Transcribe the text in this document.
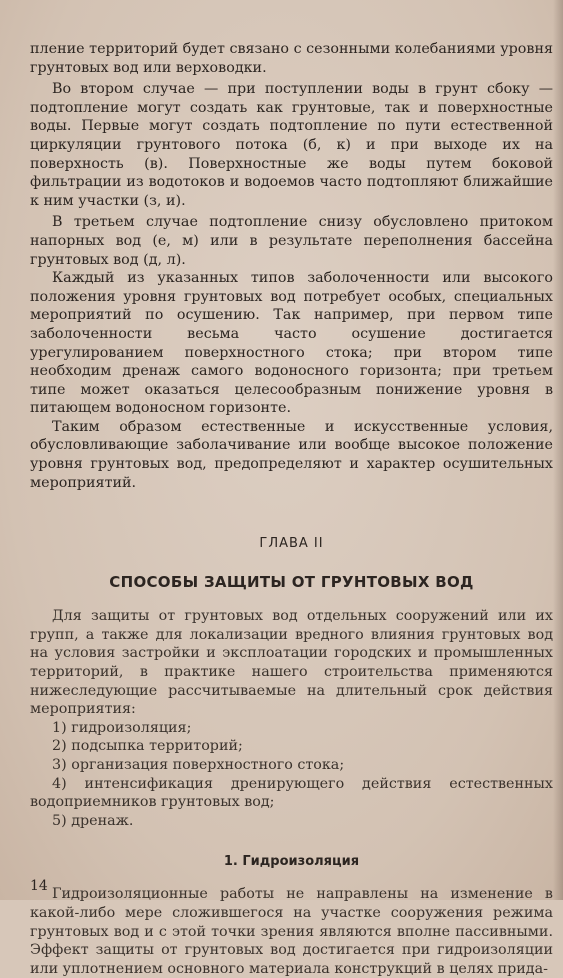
пление территорий будет связано с сезонными колебаниями уровня грунтовых вод или верховодки.

Во втором случае — при поступлении воды в грунт сбоку — подтопление могут создать как грунтовые, так и поверхностные воды. Первые могут создать подтопление по пути естественной циркуляции грунтового потока (б, к) и при выходе их на поверхность (в). Поверхностные же воды путем боковой фильтрации из водотоков и водоемов часто подтопляют ближайшие к ним участки (з, и).

В третьем случае подтопление снизу обусловлено притоком напорных вод (е, м) или в результате переполнения бассейна грунтовых вод (д, л).

Каждый из указанных типов заболоченности или высокого положения уровня грунтовых вод потребует особых, специальных мероприятий по осушению. Так например, при первом типе заболоченности весьма часто осушение достигается урегулированием поверхностного стока; при втором типе необходим дренаж самого водоносного горизонта; при третьем типе может оказаться целесообразным понижение уровня в питающем водоносном горизонте.

Таким образом естественные и искусственные условия, обусловливающие заболачивание или вообще высокое положение уровня грунтовых вод, предопределяют и характер осушительных мероприятий.

ГЛАВА II
СПОСОБЫ ЗАЩИТЫ ОТ ГРУНТОВЫХ ВОД

Для защиты от грунтовых вод отдельных сооружений или их групп, а также для локализации вредного влияния грунтовых вод на условия застройки и эксплоатации городских и промышленных территорий, в практике нашего строительства применяются нижеследующие рассчитываемые на длительный срок действия мероприятия:

1) гидроизоляция;
2) подсыпка территорий;
3) организация поверхностного стока;
4) интенсификация дренирующего действия естественных водоприемников грунтовых вод;
5) дренаж.
1. Гидроизоляция

Гидроизоляционные работы не направлены на изменение в какой-либо мере сложившегося на участке сооружения режима грунтовых вод и с этой точки зрения являются вполне пассивными. Эффект защиты от грунтовых вод достигается при гидроизоляции или уплотнением основного материала конструкций в целях прида-

14
